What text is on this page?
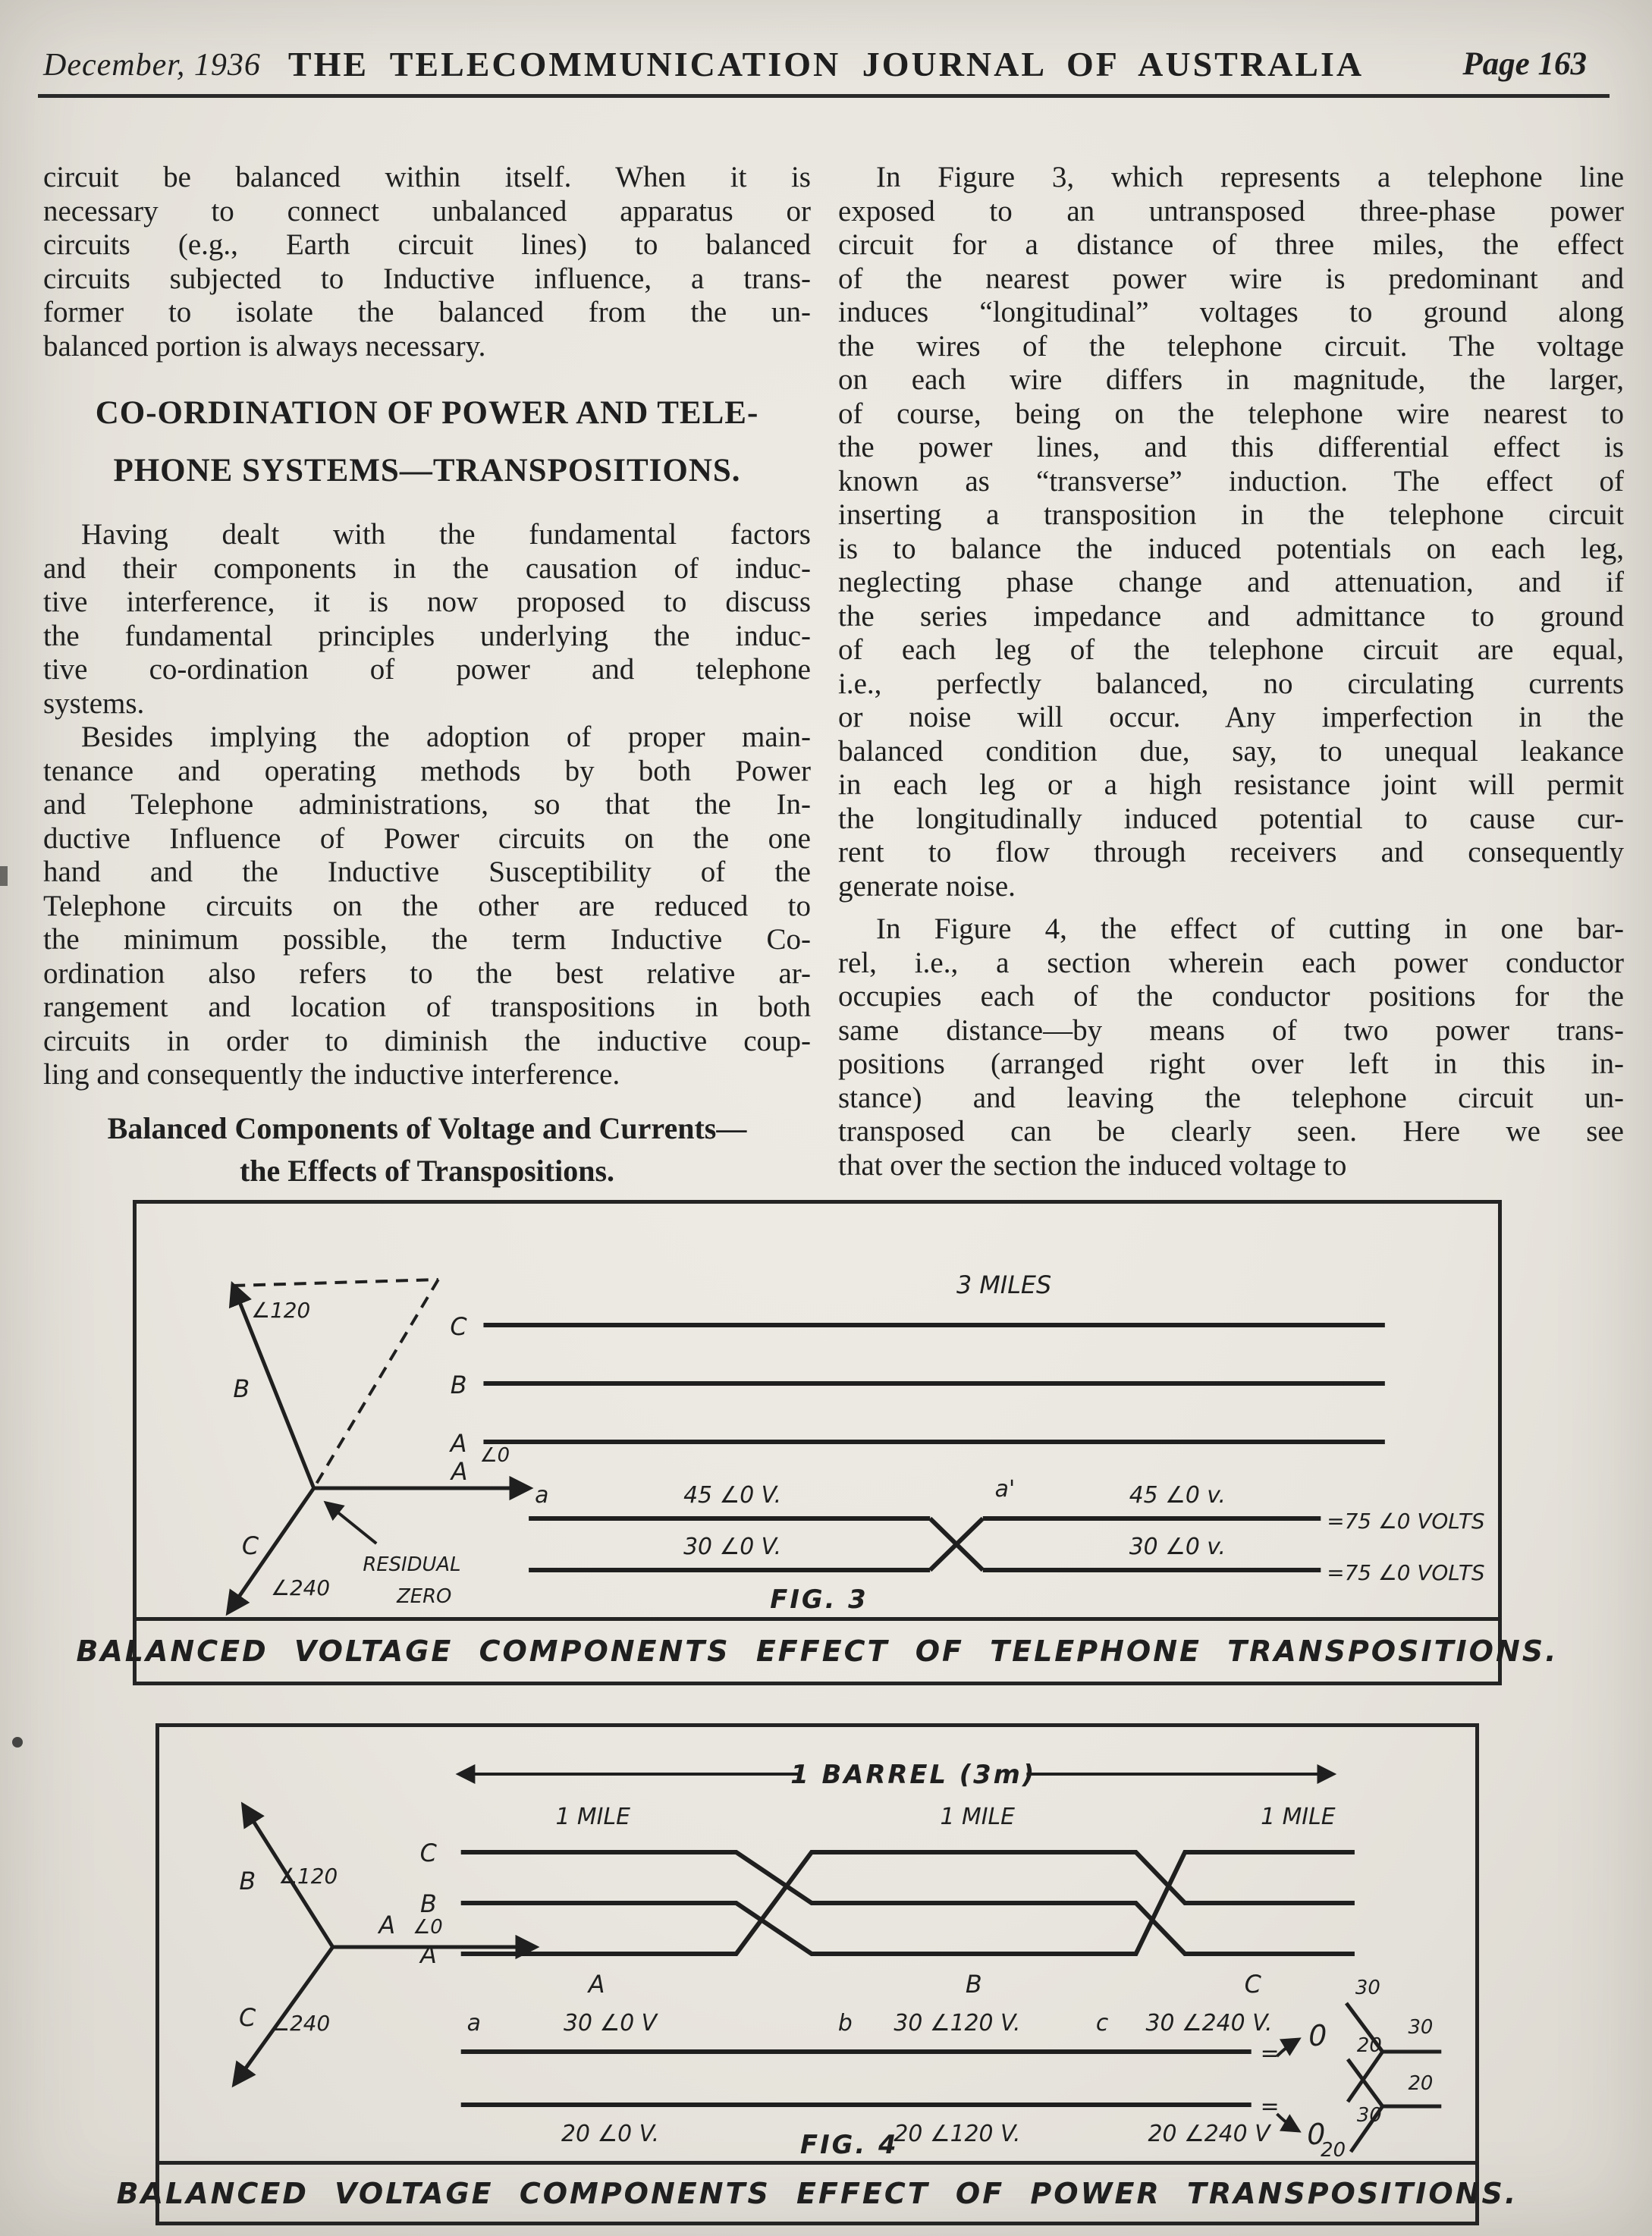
December, 1936 THE TELECOMMUNICATION JOURNAL OF AUSTRALIA	Page 163
circuit be balanced within itself. When it is
necessary to connect unbalanced apparatus or
circuits (e.g., Earth circuit lines) to balanced
circuits subjected to Inductive influence, a trans-
former to isolate the balanced from the un-
balanced portion is always necessary.
CO-ORDINATION OF POWER AND TELE-
PHONE SYSTEMS—TRANSPOSITIONS.
Having dealt with the fundamental factors
and their components in the causation of induc-
tive interference, it is now proposed to discuss
the fundamental principles underlying the induc-
tive co-ordination of power and telephone
systems.
Besides implying the adoption of proper main-
tenance and operating methods by both Power
and Telephone administrations, so that the In-
ductive Influence of Power circuits on the one
hand and the Inductive Susceptibility of the
Telephone circuits on the other are reduced to
the minimum possible, the term Inductive Co-
ordination also refers to the best relative ar-
rangement and location of transpositions in both
circuits in order to diminish the inductive coup-
ling and consequently the inductive interference.
Balanced Components of Voltage and Currents—
the Effects of Transpositions.
In Figure 3, which represents a telephone line
exposed to an untransposed three-phase power
circuit for a distance of three miles, the effect
of the nearest power wire is predominant and
induces “longitudinal” voltages to ground along
the wires of the telephone circuit. The voltage
on each wire differs in magnitude, the larger,
of course, being on the telephone wire nearest to
the power lines, and this differential effect is
known as “transverse” induction. The effect of
inserting a transposition in the telephone circuit
is to balance the induced potentials on each leg,
neglecting phase change and attenuation, and if
the series impedance and admittance to ground
of each leg of the telephone circuit are equal,
i.e., perfectly balanced, no circulating currents
or noise will occur. Any imperfection in the
balanced condition due, say, to unequal leakance
in each leg or a high resistance joint will permit
the longitudinally induced potential to cause cur-
rent to flow through receivers and consequently
generate noise.
In Figure 4, the effect of cutting in one bar-
rel, i.e., a section wherein each power conductor
occupies each of the conductor positions for the
same distance—by means of two power trans-
positions (arranged right over left in this in-
stance) and leaving the telephone circuit un-
transposed can be clearly seen. Here we see
that over the section the induced voltage to
3 MILES
C
B
A
∠120
B
A
∠0
C
∠240
RESIDUAL
ZERO
a	45 ∠0 V.
30 ∠0 V.
a'	45 ∠0 v.
30 ∠0 v.
=75 ∠0 VOLTS
=75 ∠0 VOLTS
FIG. 3
BALANCED VOLTAGE COMPONENTS EFFECT OF TELEPHONE TRANSPOSITIONS.
1 BARREL (3m)
1 MILE	1 MILE	1 MILE
C
B
A
A	B	C
B ∠120
A ∠0
C ∠240	a	30 ∠0 V	b 30 ∠120 V.	c 30 ∠240 V.
=
0
30
30
30
20 ∠0 V.	20 ∠120 V.	20 ∠240 V
=
0
20
20
20
FIG. 4
BALANCED VOLTAGE COMPONENTS EFFECT OF POWER TRANSPOSITIONS.
